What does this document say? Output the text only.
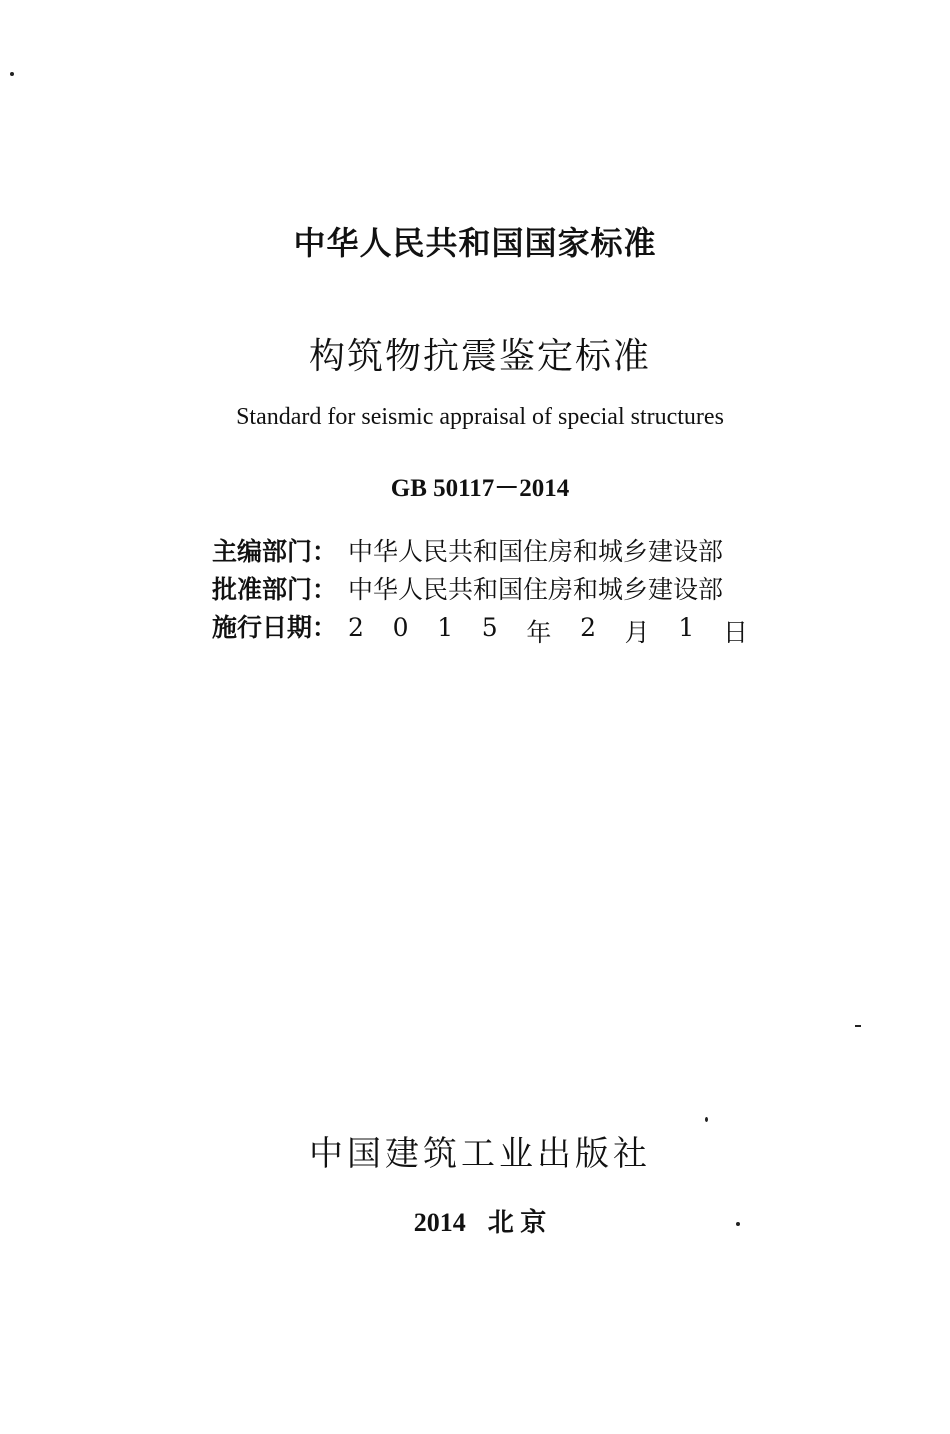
中华人民共和国国家标准
构筑物抗震鉴定标准
Standard for seismic appraisal of special structures
GB 50117－2014
主编部门： 中华人民共和国住房和城乡建设部
批准部门： 中华人民共和国住房和城乡建设部
施行日期： 2 0 1 5 年 2 月 1 日
中国建筑工业出版社
2014 北 京
